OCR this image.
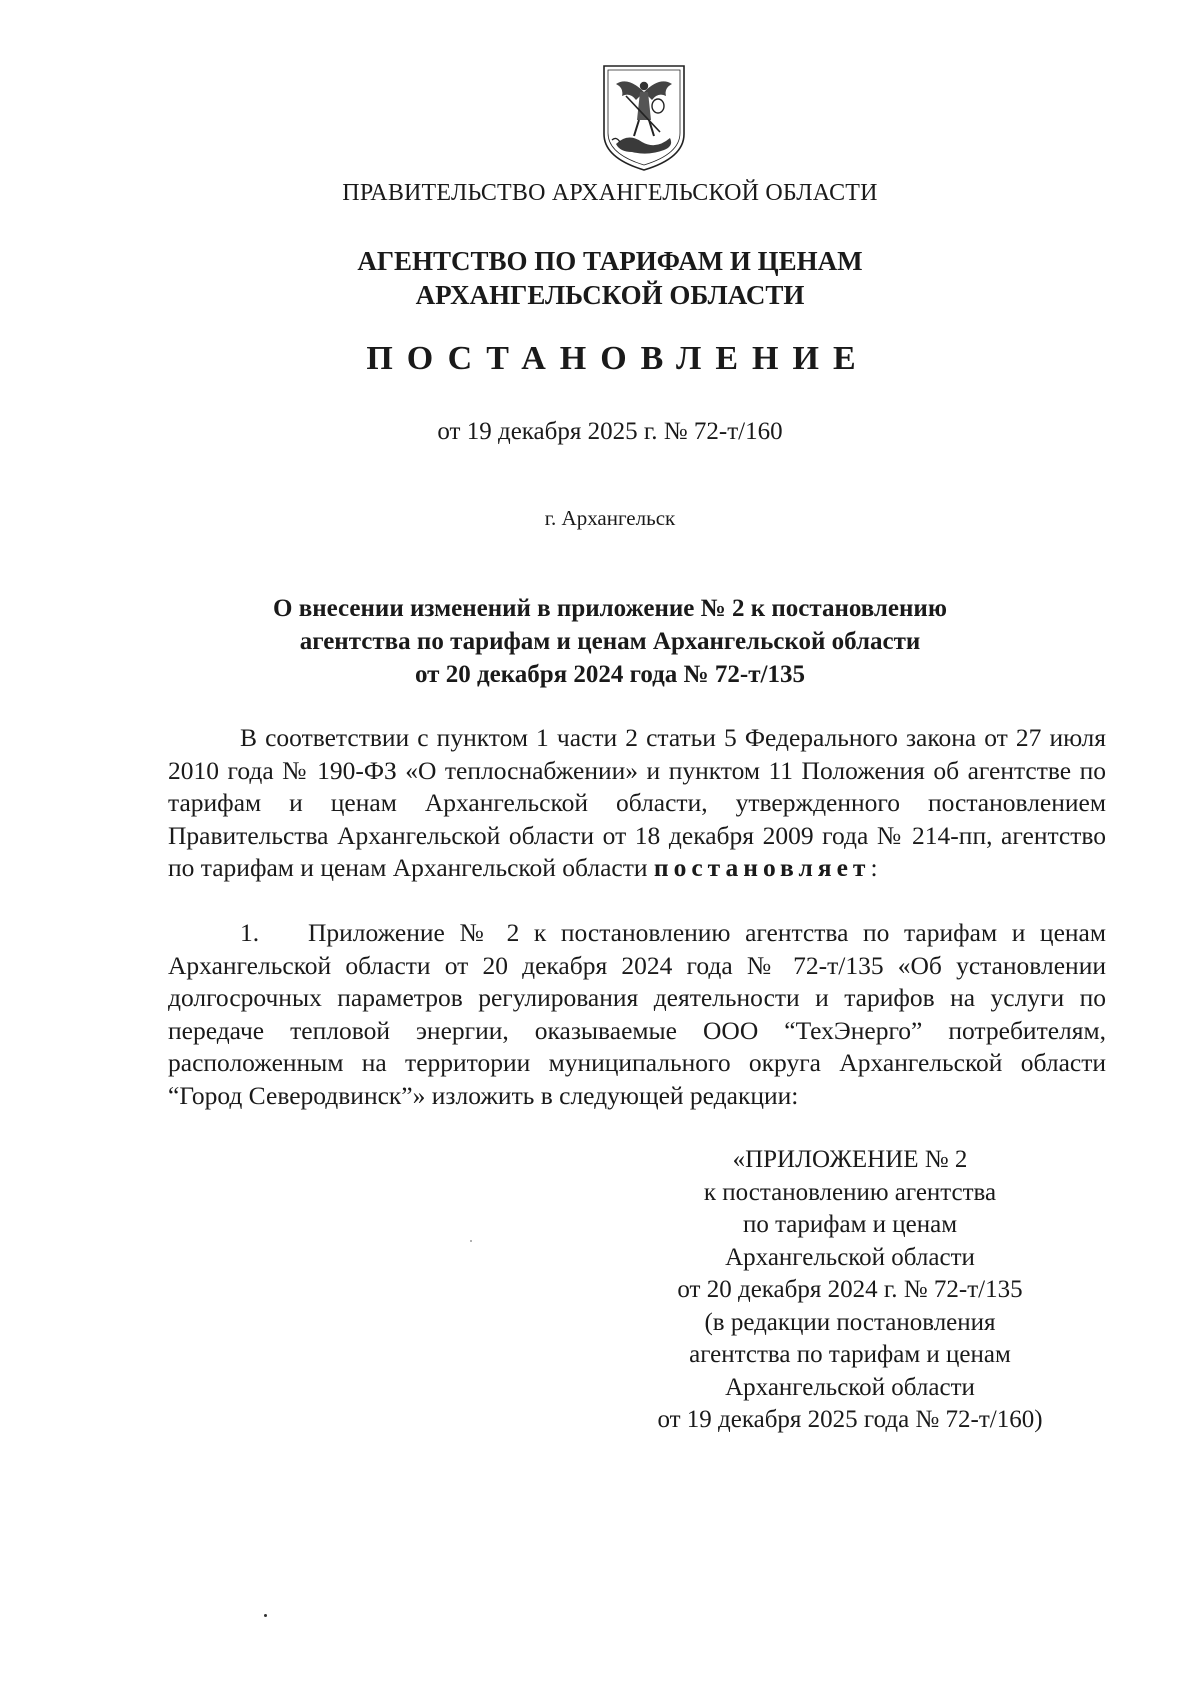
ПРАВИТЕЛЬСТВО АРХАНГЕЛЬСКОЙ ОБЛАСТИ
АГЕНТСТВО ПО ТАРИФАМ И ЦЕНАМ
АРХАНГЕЛЬСКОЙ ОБЛАСТИ
ПОСТАНОВЛЕНИЕ
от 19 декабря 2025 г. № 72-т/160
г. Архангельск
О внесении изменений в приложение № 2 к постановлению
агентства по тарифам и ценам Архангельской области
от 20 декабря 2024 года № 72-т/135
В соответствии с пунктом 1 части 2 статьи 5 Федерального закона от 27 июля 2010 года № 190-ФЗ «О теплоснабжении» и пунктом 11 Положения об агентстве по тарифам и ценам Архангельской области, утвержденного постановлением Правительства Архангельской области от 18 декабря 2009 года № 214-пп, агентство по тарифам и ценам Архангельской области постановляет:
1. Приложение № 2 к постановлению агентства по тарифам и ценам Архангельской области от 20 декабря 2024 года № 72-т/135 «Об установлении долгосрочных параметров регулирования деятельности и тарифов на услуги по передаче тепловой энергии, оказываемые ООО “ТехЭнерго” потребителям, расположенным на территории муниципального округа Архангельской области “Город Северодвинск”» изложить в следующей редакции:
«ПРИЛОЖЕНИЕ № 2
к постановлению агентства
по тарифам и ценам
Архангельской области
от 20 декабря 2024 г. № 72-т/135
(в редакции постановления
агентства по тарифам и ценам
Архангельской области
от 19 декабря 2025 года № 72-т/160)
